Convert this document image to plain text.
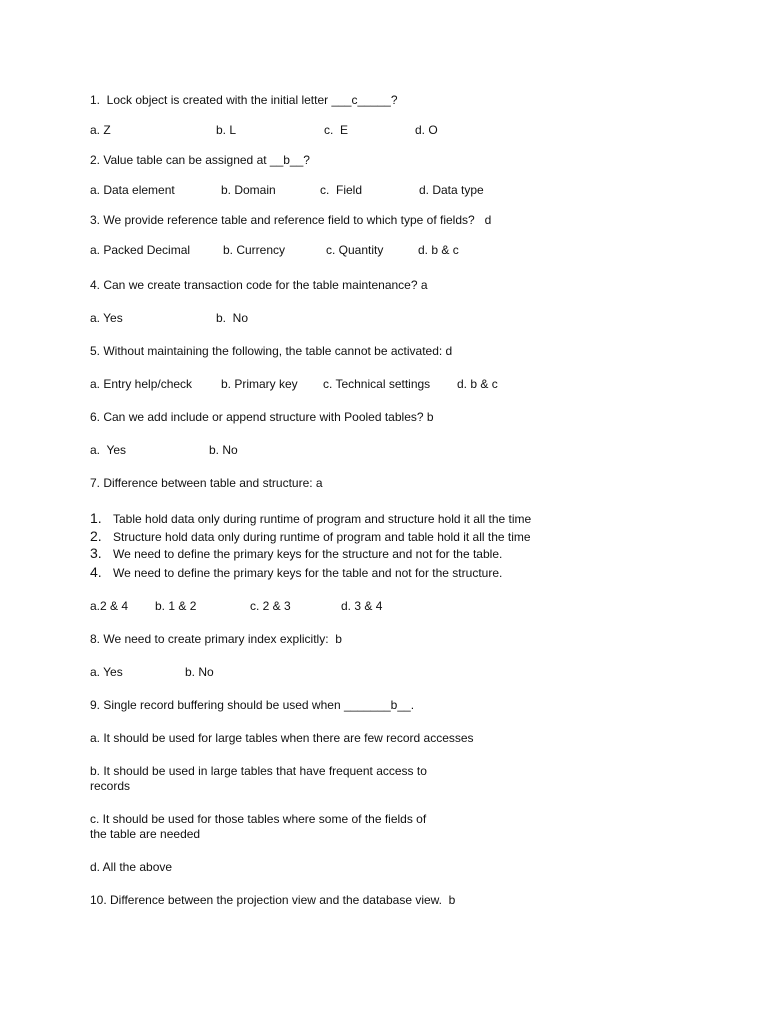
1.  Lock object is created with the initial letter ___c_____?
a. Z	b. L	c.  E	d. O
2. Value table can be assigned at __b__?
a. Data element	b. Domain	c.  Field	d. Data type
3. We provide reference table and reference field to which type of fields?   d
a. Packed Decimal	b. Currency	c. Quantity	d. b & c
4. Can we create transaction code for the table maintenance? a
a. Yes	b.  No
5. Without maintaining the following, the table cannot be activated: d
a. Entry help/check b. Primary key c. Technical settings d. b & c
6. Can we add include or append structure with Pooled tables? b
a.  Yes	b. No
7. Difference between table and structure: a
1. Table hold data only during runtime of program and structure hold it all the time
2. Structure hold data only during runtime of program and table hold it all the time
3. We need to define the primary keys for the structure and not for the table.
4. We need to define the primary keys for the table and not for the structure.
a.2 & 4 b. 1 & 2	c. 2 & 3	d. 3 & 4
8. We need to create primary index explicitly:  b
a. Yes	b. No
9. Single record buffering should be used when _______b__.
a. It should be used for large tables when there are few record accesses
b. It should be used in large tables that have frequent access to
records
c. It should be used for those tables where some of the fields of
the table are needed
d. All the above
10. Difference between the projection view and the database view.  b
